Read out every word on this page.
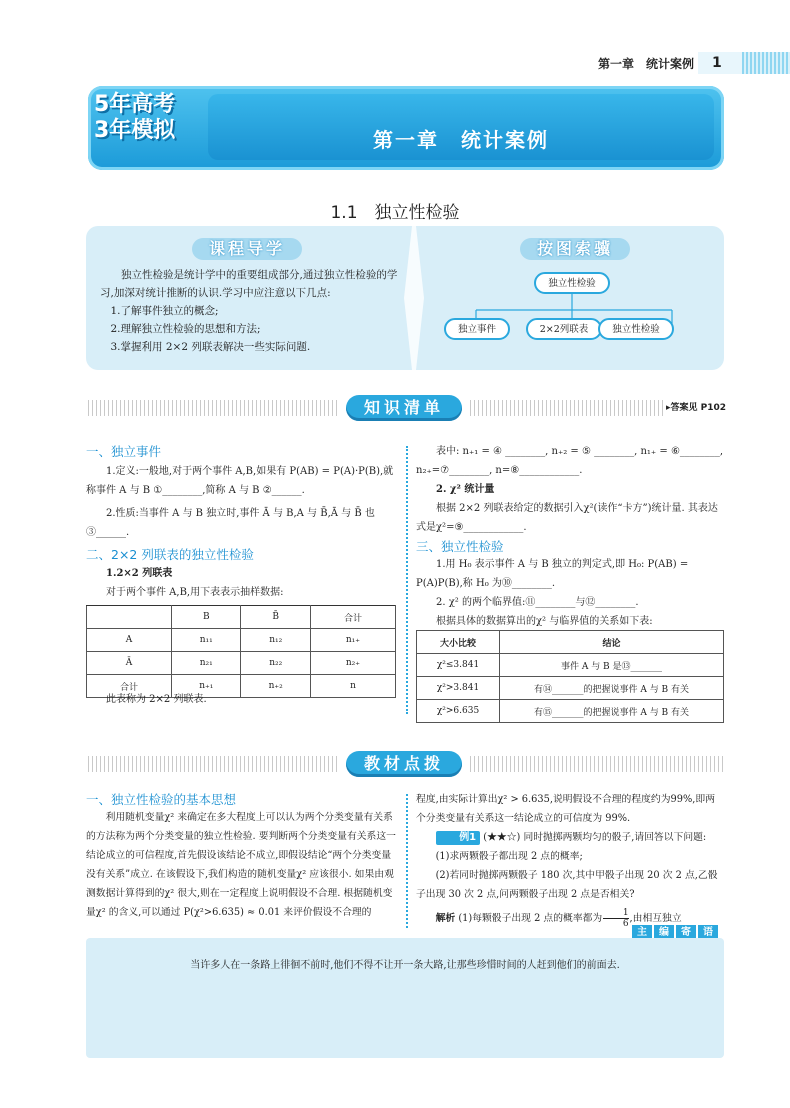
第一章　统计案例	1
5年高考
3年模拟	第一章　统计案例
1.1　独立性检验
课程导学

独立性检验是统计学中的重要组成部分,通过独立性检验的学习,加深对统计推断的认识.学习中应注意以下几点:

1.了解事件独立的概念;

2.理解独立性检验的思想和方法;

3.掌握利用 2×2 列联表解决一些实际问题.

按图索骥
独立性检验
独立事件	2×2列联表	独立性检验
知识清单	▸答案见 P102
一、独立事件

1.定义:一般地,对于两个事件 A,B,如果有 P(AB) = P(A)·P(B),就称事件 A 与 B ①________,简称 A 与 B ②______.

2.性质:当事件 A 与 B 独立时,事件 Ā 与 B,A 与 B̄,Ā 与 B̄ 也③______.

二、2×2 列联表的独立性检验

1.2×2 列联表

对于两个事件 A,B,用下表表示抽样数据:

	B	B̄	合计
A	n₁₁	n₁₂	n₁₊
Ā	n₂₁	n₂₂	n₂₊
合计	n₊₁	n₊₂	n

此表称为 2×2 列联表.

表中: n₊₁ = ④ ________, n₊₂ = ⑤ ________, n₁₊ = ⑥________, n₂₊=⑦________, n=⑧____________.

2. χ² 统计量

根据 2×2 列联表给定的数据引入χ²(读作“卡方”)统计量. 其表达式是χ²=⑨____________.

三、独立性检验

1.用 H₀ 表示事件 A 与 B 独立的判定式,即 H₀: P(AB) = P(A)P(B),称 H₀ 为⑩________.

2. χ² 的两个临界值:⑪________与⑫________.

根据具体的数据算出的χ² 与临界值的关系如下表:

大小比较	结论
χ²≤3.841	事件 A 与 B 是⑬_______
χ²>3.841	有⑭_______的把握说事件 A 与 B 有关
χ²>6.635	有⑮_______的把握说事件 A 与 B 有关
教材点拨
一、独立性检验的基本思想

利用随机变量χ² 来确定在多大程度上可以认为两个分类变量有关系的方法称为两个分类变量的独立性检验. 要判断两个分类变量有关系这一结论成立的可信程度,首先假设该结论不成立,即假设结论“两个分类变量没有关系”成立. 在该假设下,我们构造的随机变量χ² 应该很小. 如果由观测数据计算得到的χ² 很大,则在一定程度上说明假设不合理. 根据随机变量χ² 的含义,可以通过 P(χ²>6.635) ≈ 0.01 来评价假设不合理的

程度,由实际计算出χ² > 6.635,说明假设不合理的程度约为99%,即两个分类变量有关系这一结论成立的可信度为 99%.

例1 (★★☆) 同时抛掷两颗均匀的骰子,请回答以下问题:

(1)求两颗骰子都出现 2 点的概率;

(2)若同时抛掷两颗骰子 180 次,其中甲骰子出现 20 次 2 点,乙骰子出现 30 次 2 点,问两颗骰子出现 2 点是否相关?

解析 (1)每颗骰子出现 2 点的概率都为 $\frac{1}{6}$ ,由相互独立

主 编 寄 语
当许多人在一条路上徘徊不前时,他们不得不让开一条大路,让那些珍惜时间的人赶到他们的前面去.
